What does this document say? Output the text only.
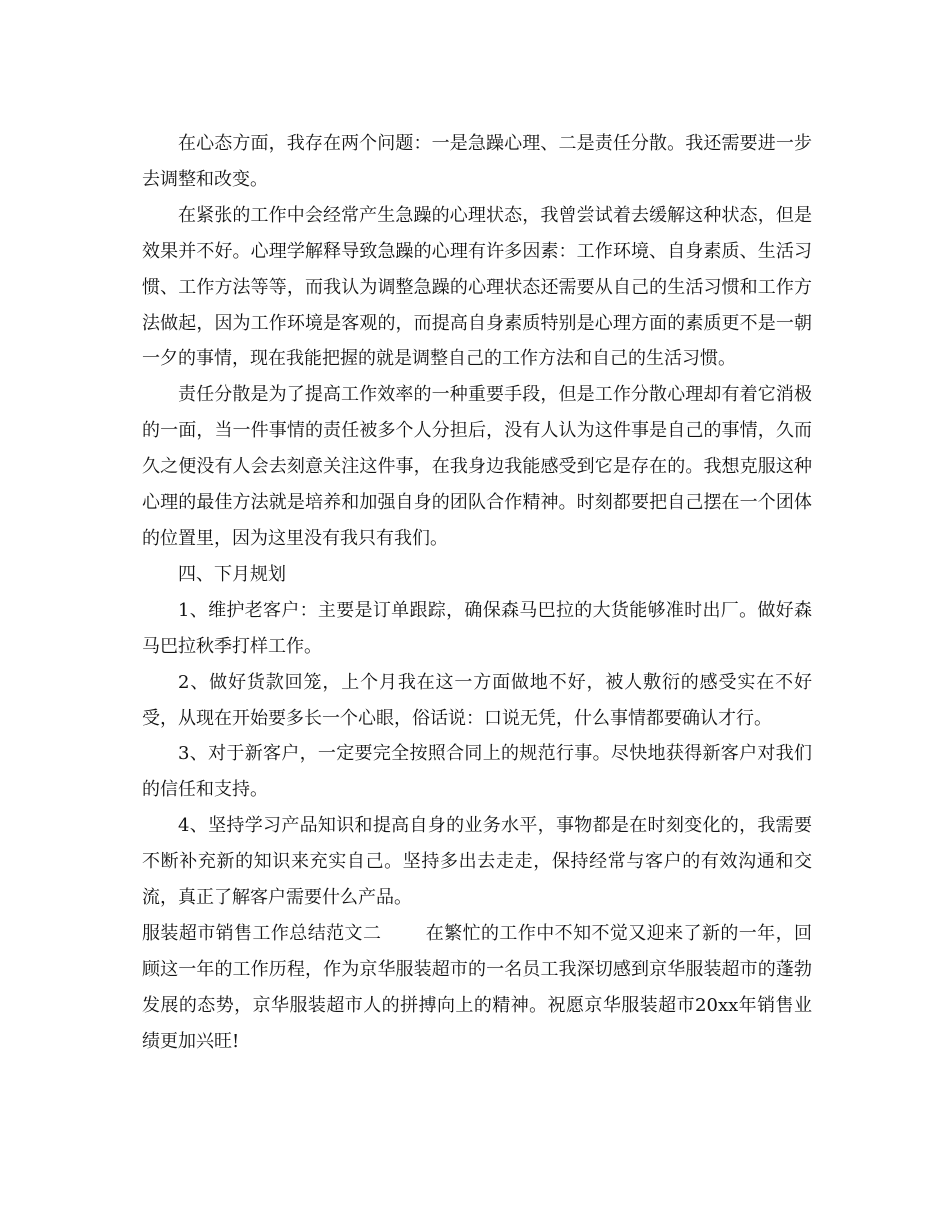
在心态方面，我存在两个问题：一是急躁心理、二是责任分散。我还需要进一步去调整和改变。

在紧张的工作中会经常产生急躁的心理状态，我曾尝试着去缓解这种状态，但是效果并不好。心理学解释导致急躁的心理有许多因素：工作环境、自身素质、生活习惯、工作方法等等，而我认为调整急躁的心理状态还需要从自己的生活习惯和工作方法做起，因为工作环境是客观的，而提高自身素质特别是心理方面的素质更不是一朝一夕的事情，现在我能把握的就是调整自己的工作方法和自己的生活习惯。

责任分散是为了提高工作效率的一种重要手段，但是工作分散心理却有着它消极的一面，当一件事情的责任被多个人分担后，没有人认为这件事是自己的事情，久而久之便没有人会去刻意关注这件事，在我身边我能感受到它是存在的。我想克服这种心理的最佳方法就是培养和加强自身的团队合作精神。时刻都要把自己摆在一个团体的位置里，因为这里没有我只有我们。

四、下月规划

1、维护老客户：主要是订单跟踪，确保森马巴拉的大货能够准时出厂。做好森马巴拉秋季打样工作。

2、做好货款回笼，上个月我在这一方面做地不好，被人敷衍的感受实在不好受，从现在开始要多长一个心眼，俗话说：口说无凭，什么事情都要确认才行。

3、对于新客户，一定要完全按照合同上的规范行事。尽快地获得新客户对我们的信任和支持。

4、坚持学习产品知识和提高自身的业务水平，事物都是在时刻变化的，我需要不断补充新的知识来充实自己。坚持多出去走走，保持经常与客户的有效沟通和交流，真正了解客户需要什么产品。

服装超市销售工作总结范文二 在繁忙的工作中不知不觉又迎来了新的一年，回顾这一年的工作历程，作为京华服装超市的一名员工我深切感到京华服装超市的蓬勃发展的态势，京华服装超市人的拼搏向上的精神。祝愿京华服装超市20xx年销售业绩更加兴旺!
